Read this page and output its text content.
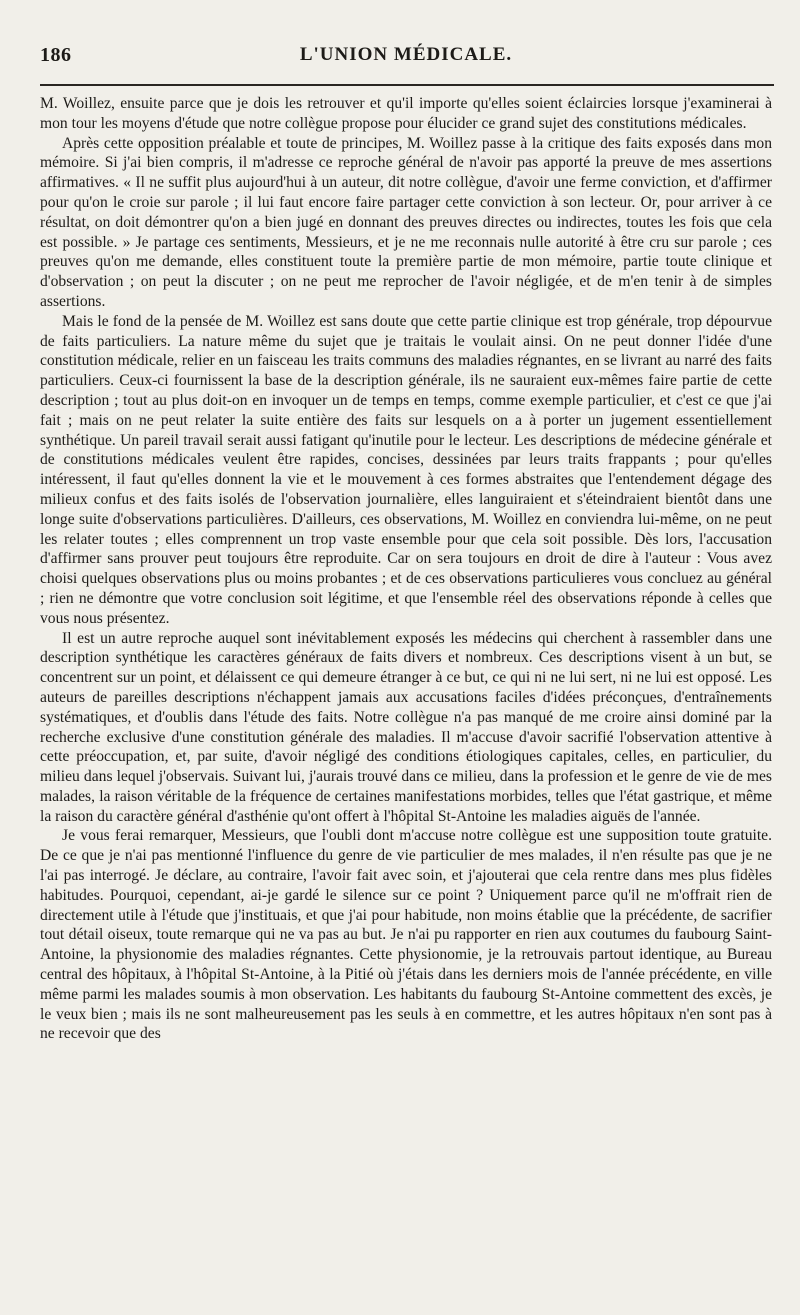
186	L'UNION MÉDICALE.

M. Woillez, ensuite parce que je dois les retrouver et qu'il importe qu'elles soient éclaircies lorsque j'examinerai à mon tour les moyens d'étude que notre collègue propose pour élucider ce grand sujet des constitutions médicales.

Après cette opposition préalable et toute de principes, M. Woillez passe à la critique des faits exposés dans mon mémoire. Si j'ai bien compris, il m'adresse ce reproche général de n'avoir pas apporté la preuve de mes assertions affirmatives. « Il ne suffit plus aujourd'hui à un auteur, dit notre collègue, d'avoir une ferme conviction, et d'affirmer pour qu'on le croie sur parole ; il lui faut encore faire partager cette conviction à son lecteur. Or, pour arriver à ce résultat, on doit démontrer qu'on a bien jugé en donnant des preuves directes ou indirectes, toutes les fois que cela est possible. » Je partage ces sentiments, Messieurs, et je ne me reconnais nulle autorité à être cru sur parole ; ces preuves qu'on me demande, elles constituent toute la première partie de mon mémoire, partie toute clinique et d'observation ; on peut la discuter ; on ne peut me reprocher de l'avoir négligée, et de m'en tenir à de simples assertions.

Mais le fond de la pensée de M. Woillez est sans doute que cette partie clinique est trop générale, trop dépourvue de faits particuliers. La nature même du sujet que je traitais le voulait ainsi. On ne peut donner l'idée d'une constitution médicale, relier en un faisceau les traits communs des maladies régnantes, en se livrant au narré des faits particuliers. Ceux-ci fournissent la base de la description générale, ils ne sauraient eux-mêmes faire partie de cette description ; tout au plus doit-on en invoquer un de temps en temps, comme exemple particulier, et c'est ce que j'ai fait ; mais on ne peut relater la suite entière des faits sur lesquels on a à porter un jugement essentiellement synthétique. Un pareil travail serait aussi fatigant qu'inutile pour le lecteur. Les descriptions de médecine générale et de constitutions médicales veulent être rapides, concises, dessinées par leurs traits frappants ; pour qu'elles intéressent, il faut qu'elles donnent la vie et le mouvement à ces formes abstraites que l'entendement dégage des milieux confus et des faits isolés de l'observation journalière, elles languiraient et s'éteindraient bientôt dans une longe suite d'observations particulières. D'ailleurs, ces observations, M. Woillez en conviendra lui-même, on ne peut les relater toutes ; elles comprennent un trop vaste ensemble pour que cela soit possible. Dès lors, l'accusation d'affirmer sans prouver peut toujours être reproduite. Car on sera toujours en droit de dire à l'auteur : Vous avez choisi quelques observations plus ou moins probantes ; et de ces observations particulieres vous concluez au général ; rien ne démontre que votre conclusion soit légitime, et que l'ensemble réel des observations réponde à celles que vous nous présentez.

Il est un autre reproche auquel sont inévitablement exposés les médecins qui cherchent à rassembler dans une description synthétique les caractères généraux de faits divers et nombreux. Ces descriptions visent à un but, se concentrent sur un point, et délaissent ce qui demeure étranger à ce but, ce qui ni ne lui sert, ni ne lui est opposé. Les auteurs de pareilles descriptions n'échappent jamais aux accusations faciles d'idées préconçues, d'entraînements systématiques, et d'oublis dans l'étude des faits. Notre collègue n'a pas manqué de me croire ainsi dominé par la recherche exclusive d'une constitution générale des maladies. Il m'accuse d'avoir sacrifié l'observation attentive à cette préoccupation, et, par suite, d'avoir négligé des conditions étiologiques capitales, celles, en particulier, du milieu dans lequel j'observais. Suivant lui, j'aurais trouvé dans ce milieu, dans la profession et le genre de vie de mes malades, la raison véritable de la fréquence de certaines manifestations morbides, telles que l'état gastrique, et même la raison du caractère général d'asthénie qu'ont offert à l'hôpital St-Antoine les maladies aiguës de l'année.

Je vous ferai remarquer, Messieurs, que l'oubli dont m'accuse notre collègue est une supposition toute gratuite. De ce que je n'ai pas mentionné l'influence du genre de vie particulier de mes malades, il n'en résulte pas que je ne l'ai pas interrogé. Je déclare, au contraire, l'avoir fait avec soin, et j'ajouterai que cela rentre dans mes plus fidèles habitudes. Pourquoi, cependant, ai-je gardé le silence sur ce point ? Uniquement parce qu'il ne m'offrait rien de directement utile à l'étude que j'instituais, et que j'ai pour habitude, non moins établie que la précédente, de sacrifier tout détail oiseux, toute remarque qui ne va pas au but. Je n'ai pu rapporter en rien aux coutumes du faubourg Saint-Antoine, la physionomie des maladies régnantes. Cette physionomie, je la retrouvais partout identique, au Bureau central des hôpitaux, à l'hôpital St-Antoine, à la Pitié où j'étais dans les derniers mois de l'année précédente, en ville même parmi les malades soumis à mon observation. Les habitants du faubourg St-Antoine commettent des excès, je le veux bien ; mais ils ne sont malheureusement pas les seuls à en commettre, et les autres hôpitaux n'en sont pas à ne recevoir que des
